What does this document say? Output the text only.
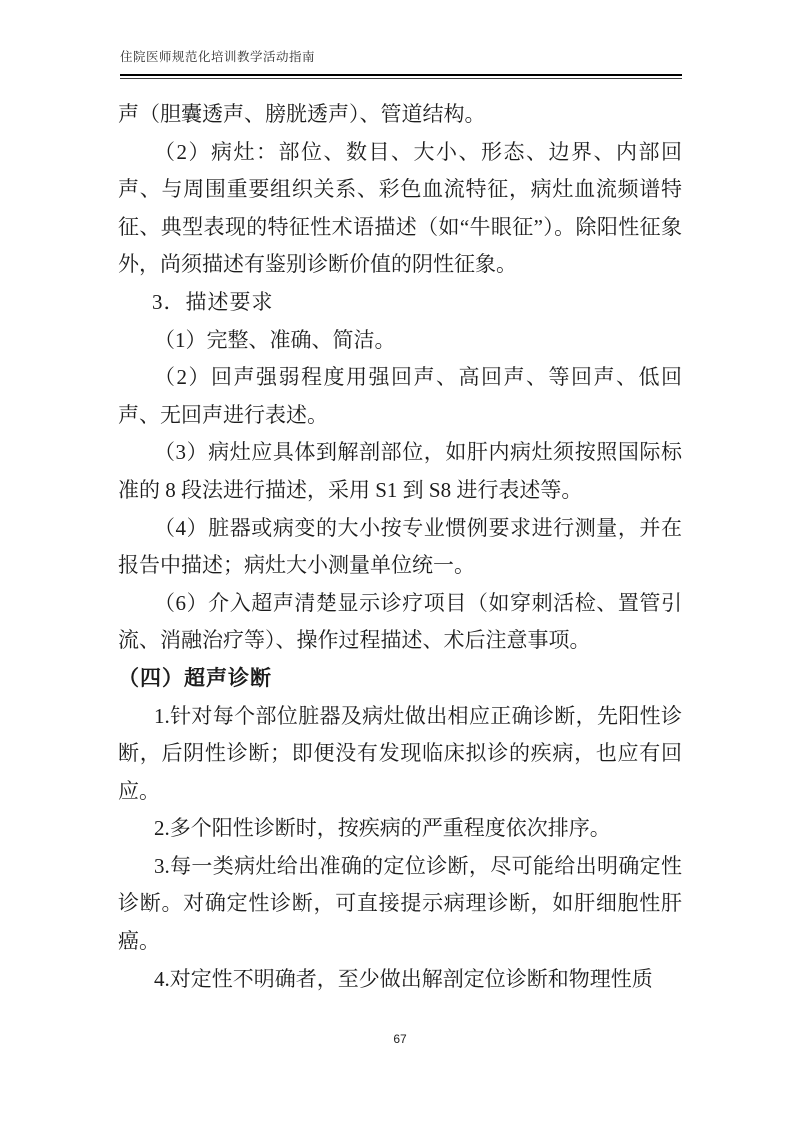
住院医师规范化培训教学活动指南

声（胆囊透声、膀胱透声）、管道结构。

（2）病灶：部位、数目、大小、形态、边界、内部回声、与周围重要组织关系、彩色血流特征，病灶血流频谱特征、典型表现的特征性术语描述（如“牛眼征”）。除阳性征象外，尚须描述有鉴别诊断价值的阴性征象。

3．描述要求

（1）完整、准确、简洁。

（2）回声强弱程度用强回声、高回声、等回声、低回声、无回声进行表述。

（3）病灶应具体到解剖部位，如肝内病灶须按照国际标准的 8 段法进行描述，采用 S1 到 S8 进行表述等。

（4）脏器或病变的大小按专业惯例要求进行测量，并在报告中描述；病灶大小测量单位统一。

（6）介入超声清楚显示诊疗项目（如穿刺活检、置管引流、消融治疗等）、操作过程描述、术后注意事项。

（四）超声诊断

1.针对每个部位脏器及病灶做出相应正确诊断，先阳性诊断，后阴性诊断；即便没有发现临床拟诊的疾病，也应有回应。

2.多个阳性诊断时，按疾病的严重程度依次排序。

3.每一类病灶给出准确的定位诊断，尽可能给出明确定性诊断。对确定性诊断，可直接提示病理诊断，如肝细胞性肝癌。

4.对定性不明确者，至少做出解剖定位诊断和物理性质

67
